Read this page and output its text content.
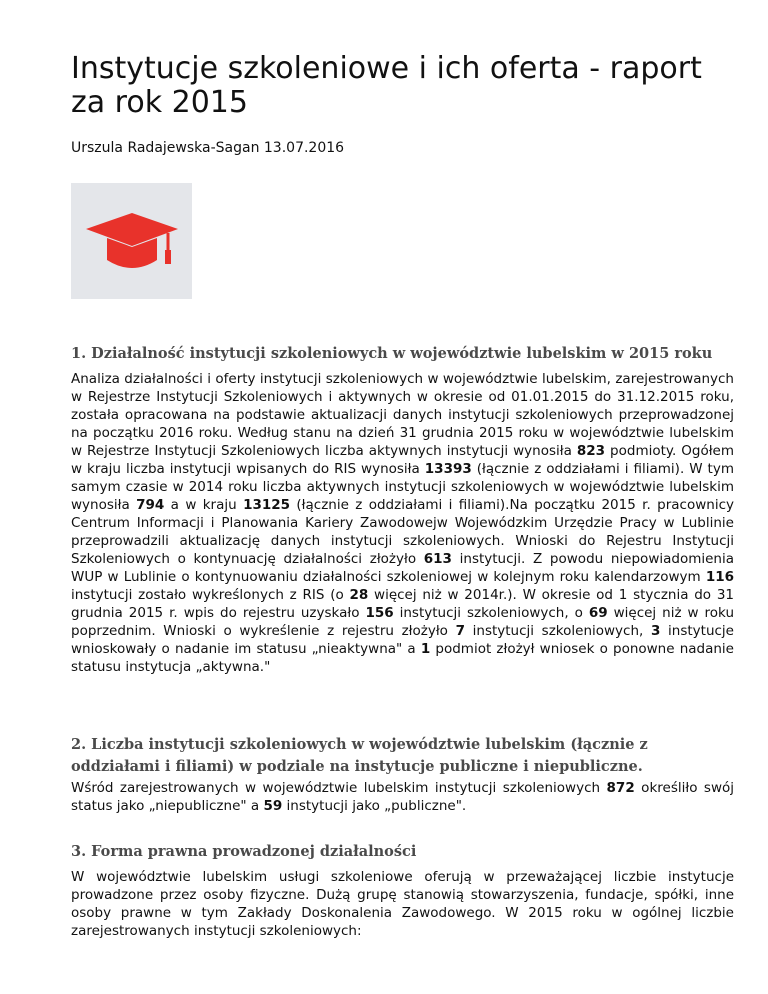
Instytucje szkoleniowe i ich oferta - raport za rok 2015
Urszula Radajewska-Sagan 13.07.2016
1. Działalność instytucji szkoleniowych w województwie lubelskim w 2015 roku

Analiza działalności i oferty instytucji szkoleniowych w województwie lubelskim, zarejestrowanych w Rejestrze Instytucji Szkoleniowych i aktywnych w okresie od 01.01.2015 do 31.12.2015 roku, została opracowana na podstawie aktualizacji danych instytucji szkoleniowych przeprowadzonej na początku 2016 roku. Według stanu na dzień 31 grudnia 2015 roku w województwie lubelskim w Rejestrze Instytucji Szkoleniowych liczba aktywnych instytucji wynosiła 823 podmioty. Ogółem w kraju liczba instytucji wpisanych do RIS wynosiła 13393 (łącznie z oddziałami i filiami). W tym samym czasie w 2014 roku liczba aktywnych instytucji szkoleniowych w województwie lubelskim wynosiła 794 a w kraju 13125 (łącznie z oddziałami i filiami).Na początku 2015 r. pracownicy Centrum Informacji i Planowania Kariery Zawodowejw Wojewódzkim Urzędzie Pracy w Lublinie przeprowadzili aktualizację danych instytucji szkoleniowych. Wnioski do Rejestru Instytucji Szkoleniowych o kontynuację działalności złożyło 613 instytucji. Z powodu niepowiadomienia WUP w Lublinie o kontynuowaniu działalności szkoleniowej w kolejnym roku kalendarzowym 116 instytucji zostało wykreślonych z RIS (o 28 więcej niż w 2014r.). W okresie od 1 stycznia do 31 grudnia 2015 r. wpis do rejestru uzyskało 156 instytucji szkoleniowych, o 69 więcej niż w roku poprzednim. Wnioski o wykreślenie z rejestru złożyło 7 instytucji szkoleniowych, 3 instytucje wnioskowały o nadanie im statusu „nieaktywna" a 1 podmiot złożył wniosek o ponowne nadanie statusu instytucja „aktywna."

2. Liczba instytucji szkoleniowych w województwie lubelskim (łącznie z oddziałami i filiami) w podziale na instytucje publiczne i niepubliczne.

Wśród zarejestrowanych w województwie lubelskim instytucji szkoleniowych 872 określiło swój status jako „niepubliczne" a 59 instytucji jako „publiczne".

3. Forma prawna prowadzonej działalności

W województwie lubelskim usługi szkoleniowe oferują w przeważającej liczbie instytucje prowadzone przez osoby fizyczne. Dużą grupę stanowią stowarzyszenia, fundacje, spółki, inne osoby prawne w tym Zakłady Doskonalenia Zawodowego. W 2015 roku w ogólnej liczbie zarejestrowanych instytucji szkoleniowych:
